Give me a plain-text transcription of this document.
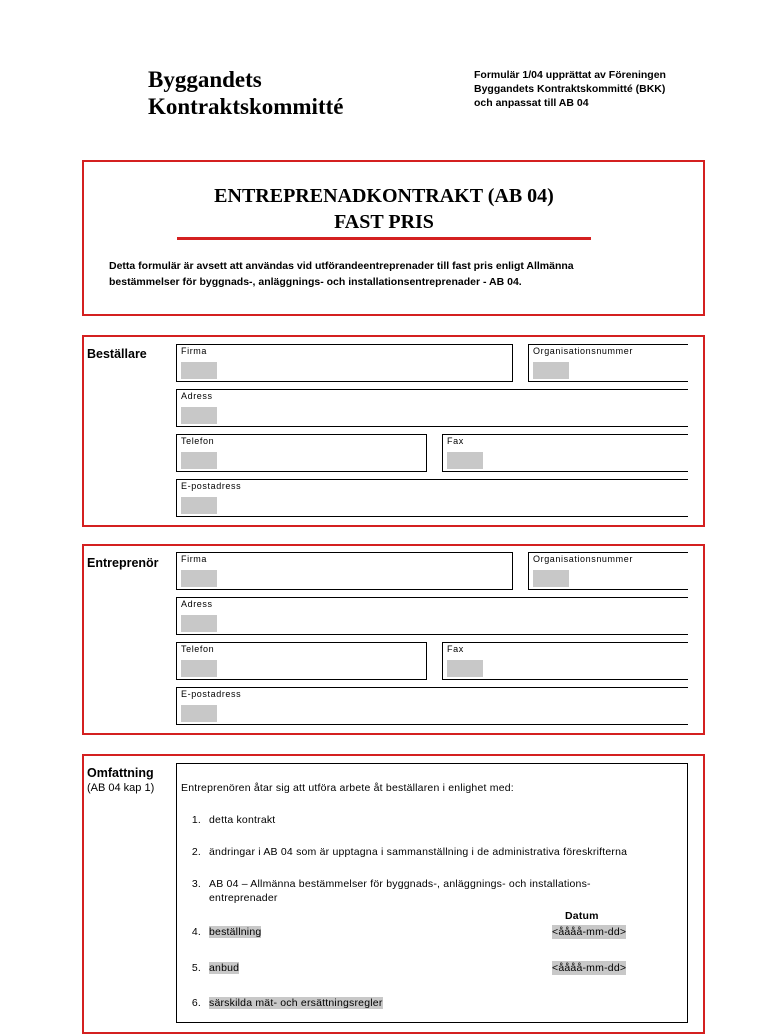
Byggandets
Kontraktskommitté
Formulär 1/04 upprättat av Föreningen
Byggandets Kontraktskommitté (BKK)
och anpassat till AB 04
ENTREPRENADKONTRAKT (AB 04)
FAST PRIS
Detta formulär är avsett att användas vid utförandeentreprenader till fast pris enligt Allmänna
bestämmelser för byggnads-, anläggnings- och installationsentreprenader - AB 04.
Beställare	Firma	Organisationsnummer
Adress
Telefon	Fax
E-postadress
Entreprenör Firma	Organisationsnummer
Adress
Telefon	Fax
E-postadress
Omfattning
(AB 04 kap 1)	Entreprenören åtar sig att utföra arbete åt beställaren i enlighet med:
1. detta kontrakt
2. ändringar i AB 04 som är upptagna i sammanställning i de administrativa föreskrifterna
3. AB 04 – Allmänna bestämmelser för byggnads-, anläggnings- och installations-
entreprenader
Datum
4. beställning	<åååå-mm-dd>
5. anbud	<åååå-mm-dd>
6. särskilda mät- och ersättningsregler
